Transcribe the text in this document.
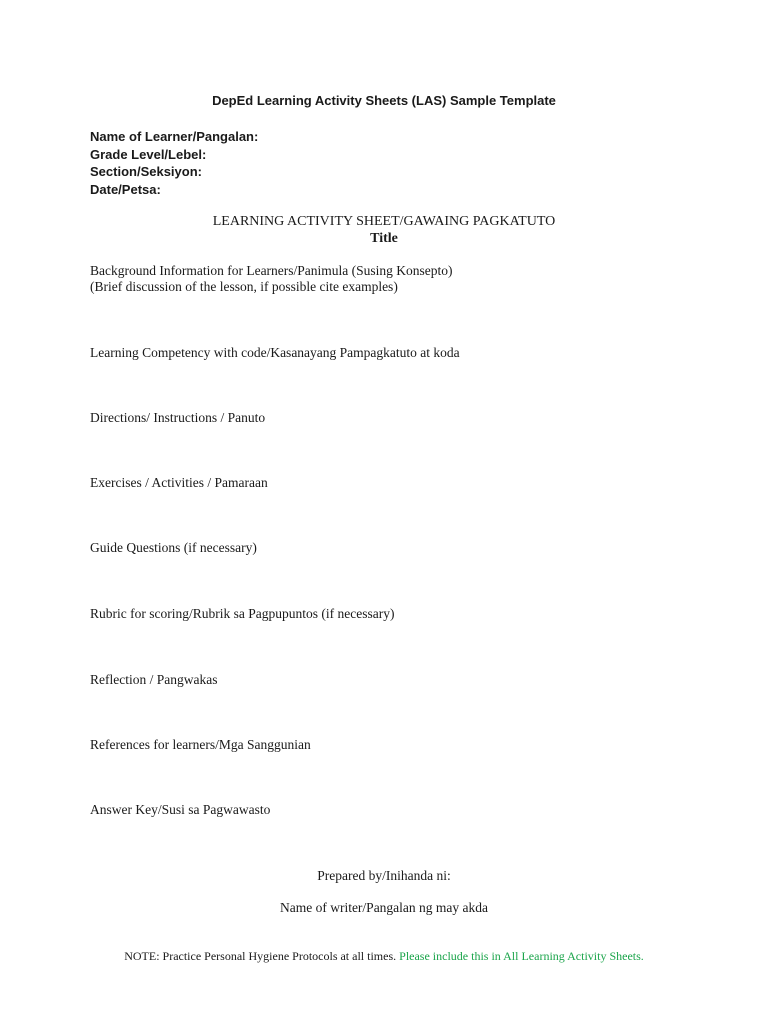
DepEd Learning Activity Sheets (LAS) Sample Template
Name of Learner/Pangalan:
Grade Level/Lebel:
Section/Seksiyon:
Date/Petsa:
LEARNING ACTIVITY SHEET/GAWAING PAGKATUTO
Title
Background Information for Learners/Panimula (Susing Konsepto)
(Brief discussion of the lesson, if possible cite examples)
Learning Competency with code/Kasanayang Pampagkatuto at koda
Directions/ Instructions / Panuto
Exercises / Activities / Pamaraan
Guide Questions (if necessary)
Rubric for scoring/Rubrik sa Pagpupuntos (if necessary)
Reflection / Pangwakas
References for learners/Mga Sanggunian
Answer Key/Susi sa Pagwawasto
Prepared by/Inihanda ni:
Name of writer/Pangalan ng may akda
NOTE: Practice Personal Hygiene Protocols at all times. Please include this in All Learning Activity Sheets.
